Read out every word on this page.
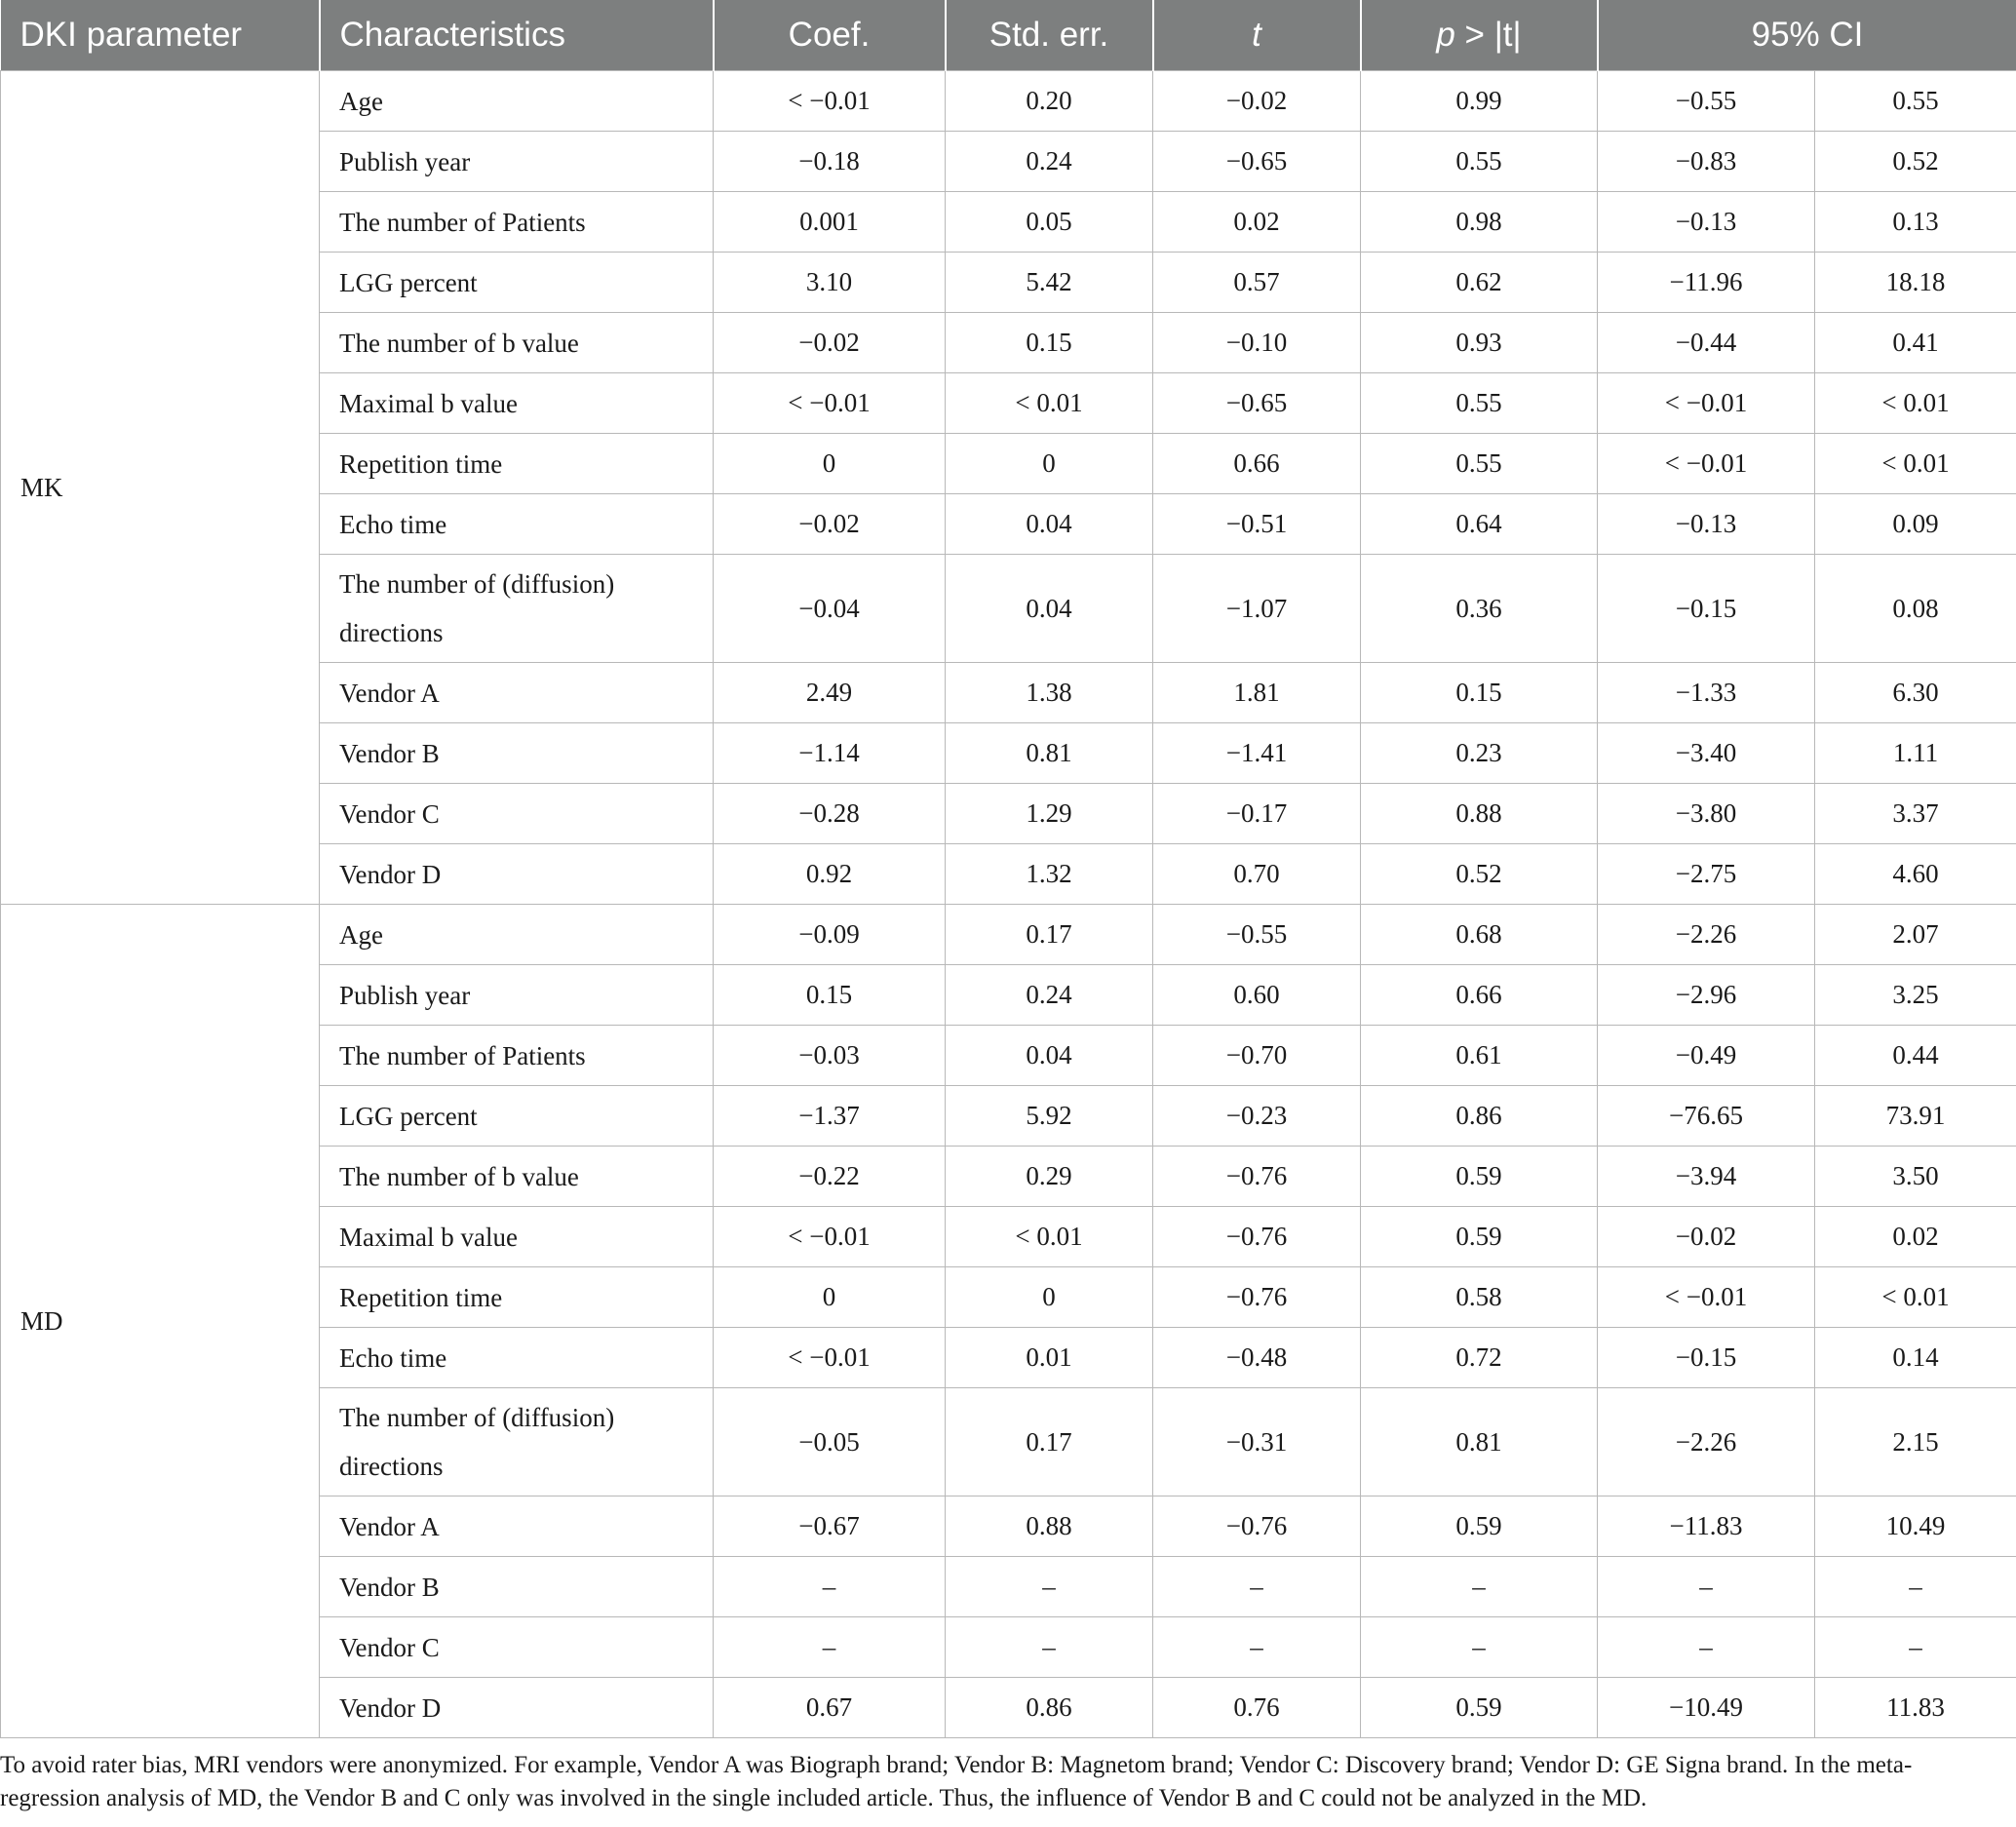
DKI parameter	Characteristics	Coef.	Std. err.	t	p > |t|	95% CI	
MK	Age	< −0.01	0.20	−0.02	0.99	−0.55	0.55
	Publish year	−0.18	0.24	−0.65	0.55	−0.83	0.52
	The number of Patients	0.001	0.05	0.02	0.98	−0.13	0.13
	LGG percent	3.10	5.42	0.57	0.62	−11.96	18.18
	The number of b value	−0.02	0.15	−0.10	0.93	−0.44	0.41
	Maximal b value	< −0.01	< 0.01	−0.65	0.55	< −0.01	< 0.01
	Repetition time	0	0	0.66	0.55	< −0.01	< 0.01
	Echo time	−0.02	0.04	−0.51	0.64	−0.13	0.09
	The number of (diffusion) directions	−0.04	0.04	−1.07	0.36	−0.15	0.08
	Vendor A	2.49	1.38	1.81	0.15	−1.33	6.30
	Vendor B	−1.14	0.81	−1.41	0.23	−3.40	1.11
	Vendor C	−0.28	1.29	−0.17	0.88	−3.80	3.37
	Vendor D	0.92	1.32	0.70	0.52	−2.75	4.60
MD	Age	−0.09	0.17	−0.55	0.68	−2.26	2.07
	Publish year	0.15	0.24	0.60	0.66	−2.96	3.25
	The number of Patients	−0.03	0.04	−0.70	0.61	−0.49	0.44
	LGG percent	−1.37	5.92	−0.23	0.86	−76.65	73.91
	The number of b value	−0.22	0.29	−0.76	0.59	−3.94	3.50
	Maximal b value	< −0.01	< 0.01	−0.76	0.59	−0.02	0.02
	Repetition time	0	0	−0.76	0.58	< −0.01	< 0.01
	Echo time	< −0.01	0.01	−0.48	0.72	−0.15	0.14
	The number of (diffusion) directions	−0.05	0.17	−0.31	0.81	−2.26	2.15
	Vendor A	−0.67	0.88	−0.76	0.59	−11.83	10.49
	Vendor B	–	–	–	–	–	–
	Vendor C	–	–	–	–	–	–
	Vendor D	0.67	0.86	0.76	0.59	−10.49	11.83
To avoid rater bias, MRI vendors were anonymized. For example, Vendor A was Biograph brand; Vendor B: Magnetom brand; Vendor C: Discovery brand; Vendor D: GE Signa brand. In the meta-regression analysis of MD, the Vendor B and C only was involved in the single included article. Thus, the influence of Vendor B and C could not be analyzed in the MD.
